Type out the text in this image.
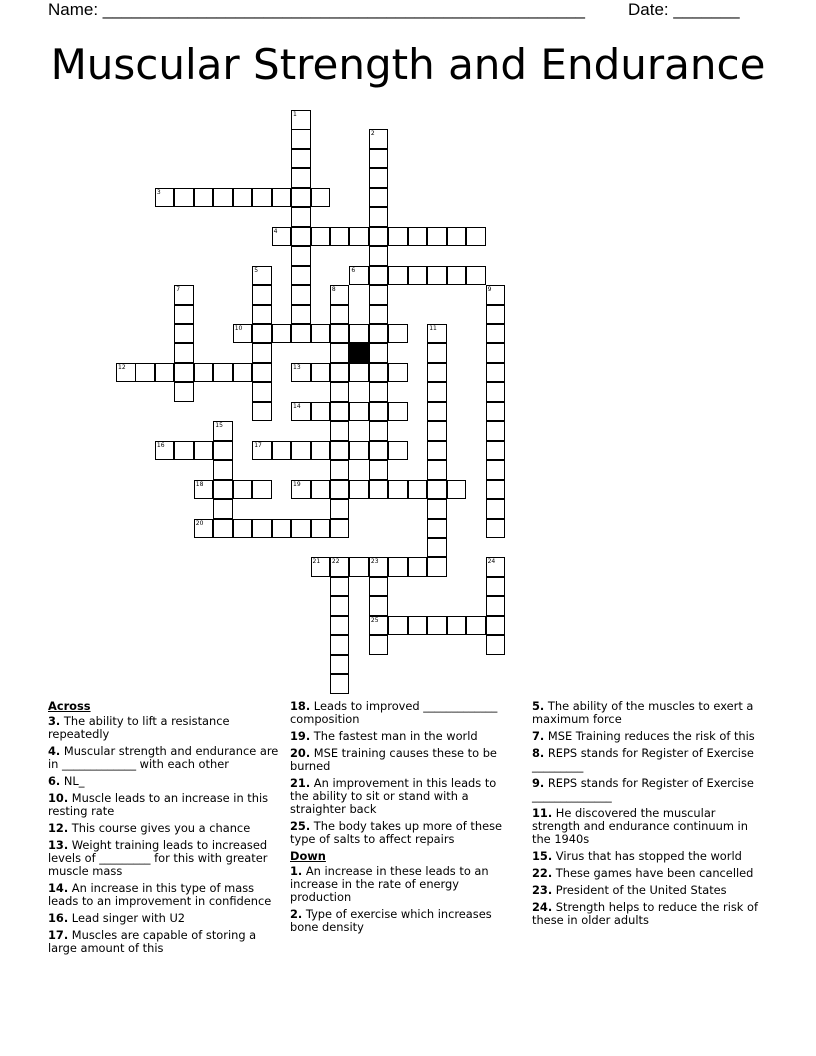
Name: ___________________________________________________	Date: _______
Muscular Strength and Endurance
1
2
3
4
5	6
7	8	9
10	11
12	13
14
15
16	17
18	19
20
21 22	23	24
25
Across
3. The ability to lift a resistance repeatedly
4. Muscular strength and endurance are in _____________ with each other
6. NL_
10. Muscle leads to an increase in this resting rate
12. This course gives you a chance
13. Weight training leads to increased levels of _________ for this with greater muscle mass
14. An increase in this type of mass leads to an improvement in confidence
16. Lead singer with U2
17. Muscles are capable of storing a large amount of this
18. Leads to improved _____________ composition
19. The fastest man in the world
20. MSE training causes these to be burned
21. An improvement in this leads to the ability to sit or stand with a straighter back
25. The body takes up more of these type of salts to affect repairs
Down
1. An increase in these leads to an increase in the rate of energy production
2. Type of exercise which increases bone density
5. The ability of the muscles to exert a maximum force
7. MSE Training reduces the risk of this
8. REPS stands for Register of Exercise _________
9. REPS stands for Register of Exercise ______________
11. He discovered the muscular strength and endurance continuum in the 1940s
15. Virus that has stopped the world
22. These games have been cancelled
23. President of the United States
24. Strength helps to reduce the risk of these in older adults
